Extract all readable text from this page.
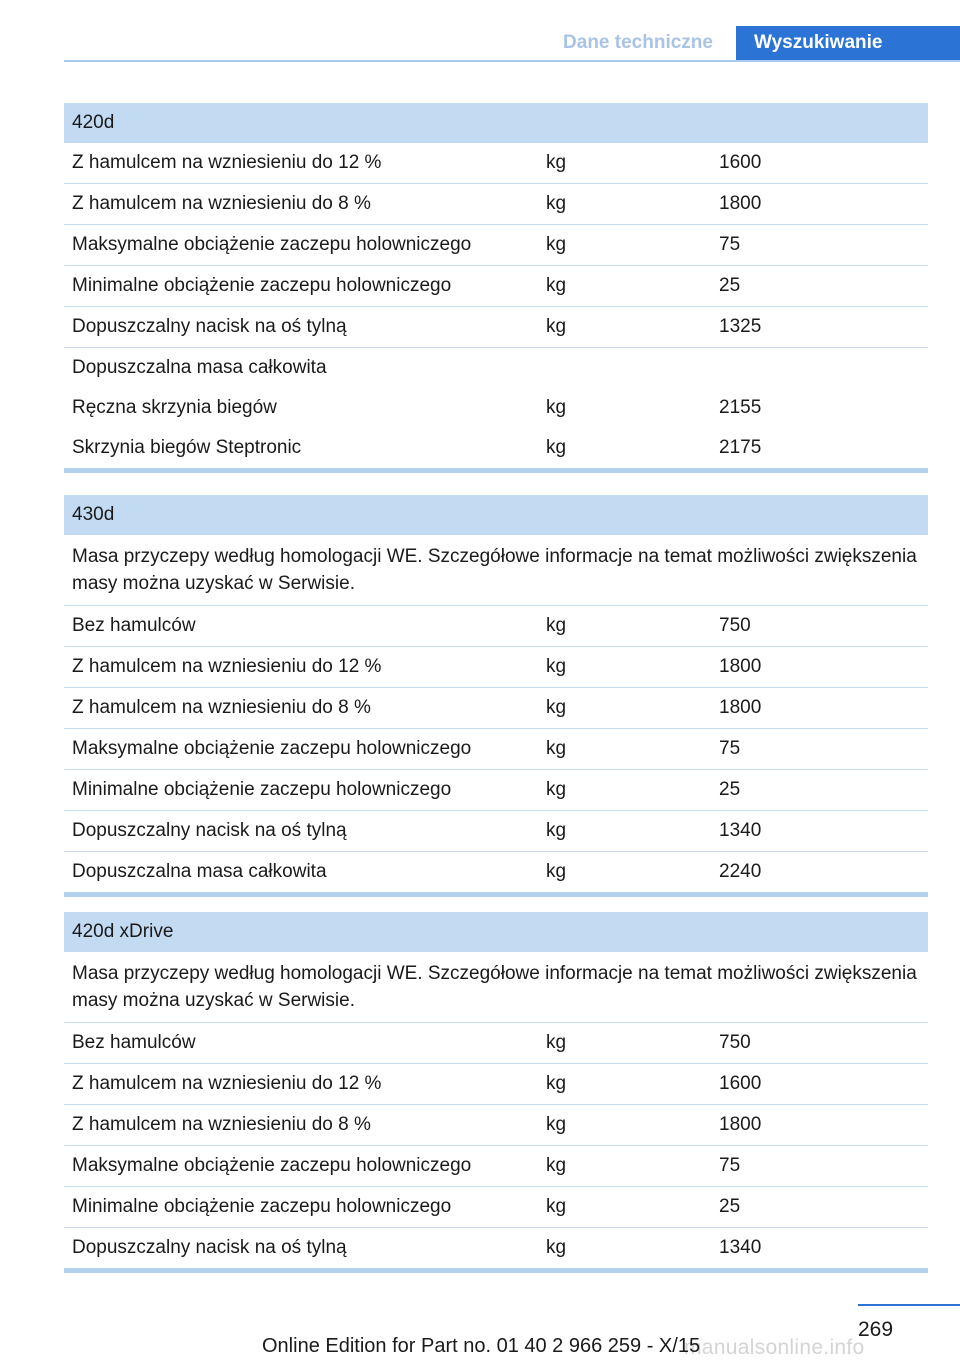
Dane techniczne	Wyszukiwanie
420d
Z hamulcem na wzniesieniu do 12 %	kg	1600
Z hamulcem na wzniesieniu do 8 %	kg	1800
Maksymalne obciążenie zaczepu holowniczego	kg	75
Minimalne obciążenie zaczepu holowniczego	kg	25
Dopuszczalny nacisk na oś tylną	kg	1325
Dopuszczalna masa całkowita
Ręczna skrzynia biegów	kg	2155
Skrzynia biegów Steptronic	kg	2175
430d
Masa przyczepy według homologacji WE. Szczegółowe informacje na temat możliwości zwiększenia masy można uzyskać w Serwisie.
Bez hamulców	kg	750
Z hamulcem na wzniesieniu do 12 %	kg	1800
Z hamulcem na wzniesieniu do 8 %	kg	1800
Maksymalne obciążenie zaczepu holowniczego	kg	75
Minimalne obciążenie zaczepu holowniczego	kg	25
Dopuszczalny nacisk na oś tylną	kg	1340
Dopuszczalna masa całkowita	kg	2240
420d xDrive
Masa przyczepy według homologacji WE. Szczegółowe informacje na temat możliwości zwiększenia masy można uzyskać w Serwisie.
Bez hamulców	kg	750
Z hamulcem na wzniesieniu do 12 %	kg	1600
Z hamulcem na wzniesieniu do 8 %	kg	1800
Maksymalne obciążenie zaczepu holowniczego	kg	75
Minimalne obciążenie zaczepu holowniczego	kg	25
Dopuszczalny nacisk na oś tylną	kg	1340
269
manualsonline.info
Online Edition for Part no. 01 40 2 966 259 - X/15
